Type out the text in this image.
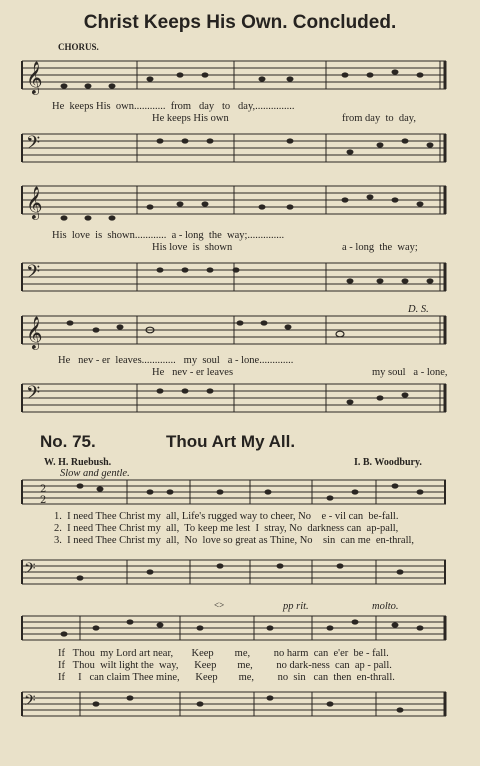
Christ Keeps His Own. Concluded.
CHORUS.
𝄞
He  keeps His  own............  from   day   to   day,...............
He keeps His own	from day  to  day,
𝄢
𝄞
His  love  is  shown............  a - long  the  way;..............
His love  is  shown	a - long  the  way;
𝄢
D. S.
𝄞
He   nev - er  leaves.............   my  soul   a - lone.............
He   nev - er leaves	my soul   a - lone,
𝄢
No. 75.	Thou Art My All.
W. H. Ruebush.	I. B. Woodbury.
Slow and gentle.
2
2
1.  I need Thee Christ my  all, Life's rugged way to cheer, No    e - vil can  be-fall.
2.  I need Thee Christ my  all,  To keep me lest  I  stray, No  darkness can  ap-pall,
3.  I need Thee Christ my  all,  No  love so great as Thine, No    sin  can me  en-thrall,
𝄢
<>	pp rit.	molto.
If   Thou  my Lord art near,       Keep        me,         no harm  can  e'er  be - fall.
If   Thou  wilt light the  way,      Keep        me,         no dark-ness  can  ap - pall.
If     I   can claim Thee mine,      Keep        me,         no  sin   can  then  en-thrall.
𝄢
